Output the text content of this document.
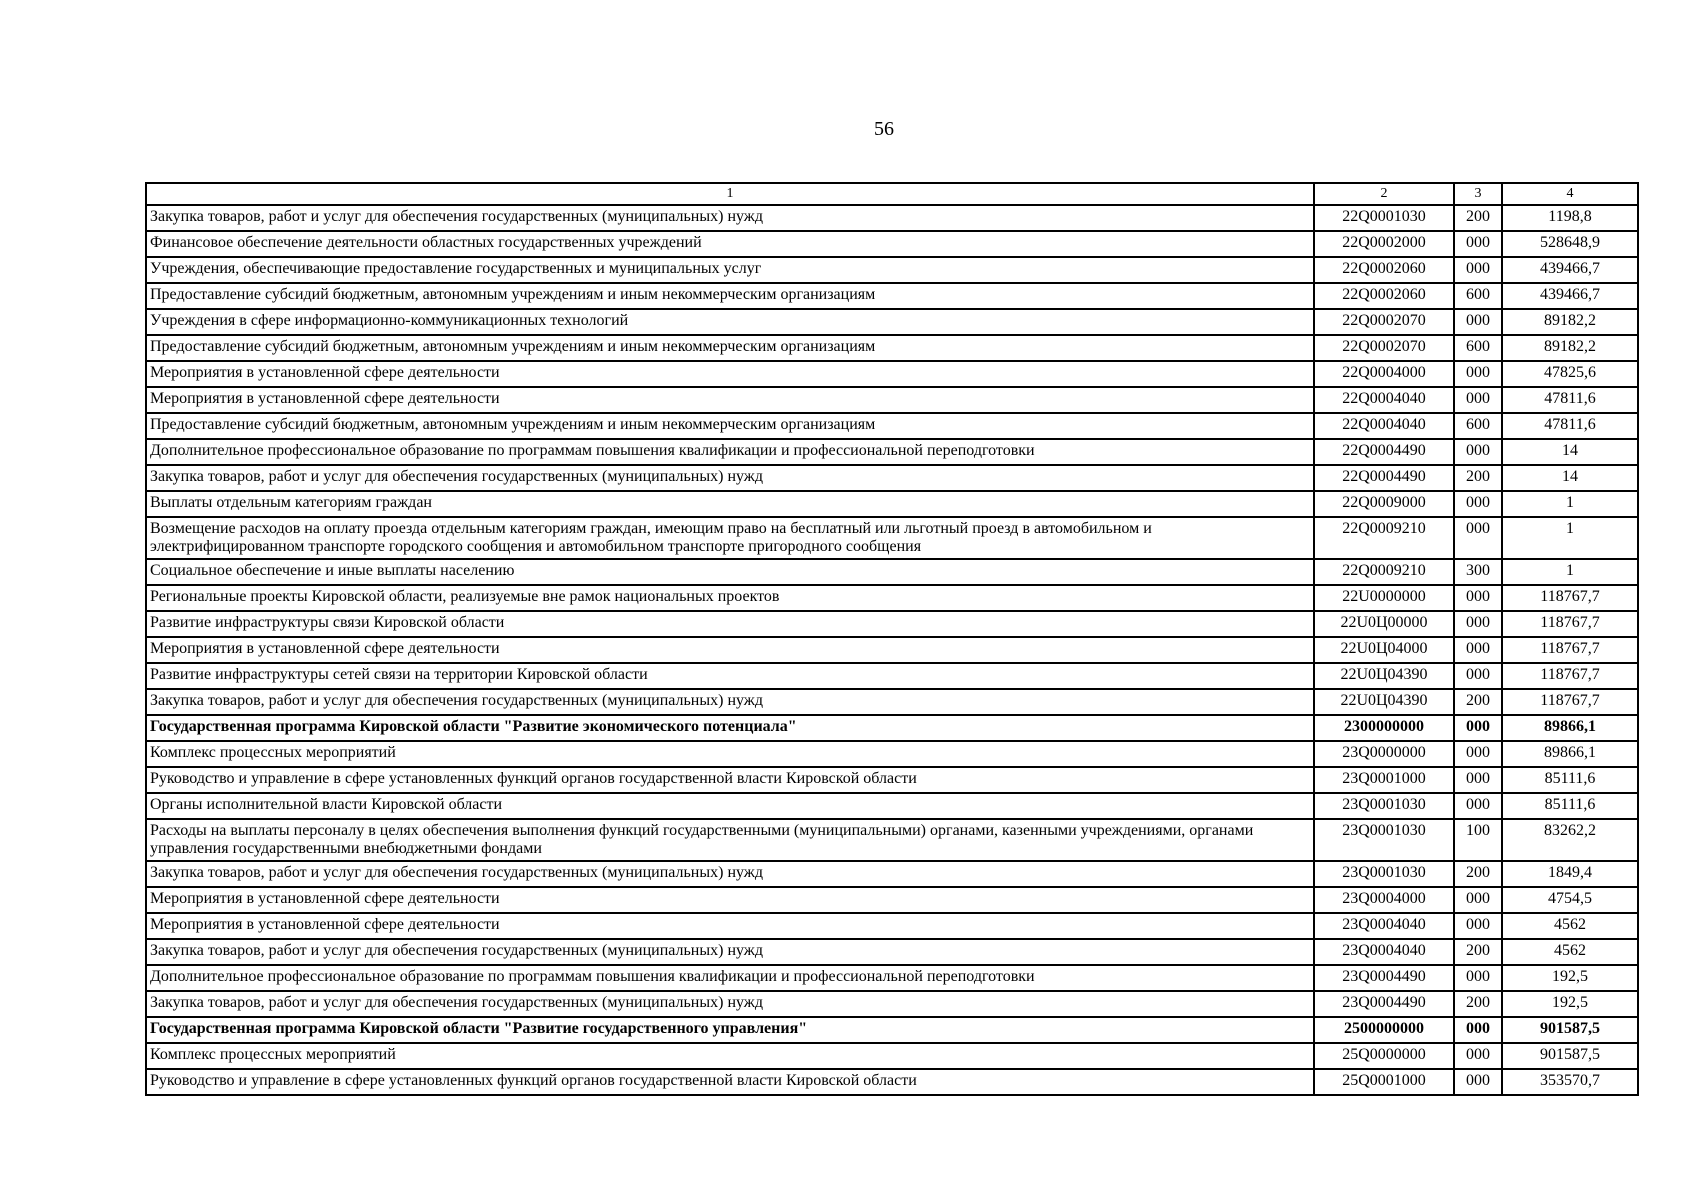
56
1	2	3	4
Закупка товаров, работ и услуг для обеспечения государственных (муниципальных) нужд	22Q0001030	200	1198,8
Финансовое обеспечение деятельности областных государственных учреждений	22Q0002000	000	528648,9
Учреждения, обеспечивающие предоставление государственных и муниципальных услуг	22Q0002060	000	439466,7
Предоставление субсидий бюджетным, автономным учреждениям и иным некоммерческим организациям	22Q0002060	600	439466,7
Учреждения в сфере информационно-коммуникационных технологий	22Q0002070	000	89182,2
Предоставление субсидий бюджетным, автономным учреждениям и иным некоммерческим организациям	22Q0002070	600	89182,2
Мероприятия в установленной сфере деятельности	22Q0004000	000	47825,6
Мероприятия в установленной сфере деятельности	22Q0004040	000	47811,6
Предоставление субсидий бюджетным, автономным учреждениям и иным некоммерческим организациям	22Q0004040	600	47811,6
Дополнительное профессиональное образование по программам повышения квалификации и профессиональной переподготовки	22Q0004490	000	14
Закупка товаров, работ и услуг для обеспечения государственных (муниципальных) нужд	22Q0004490	200	14
Выплаты отдельным категориям граждан	22Q0009000	000	1
Возмещение расходов на оплату проезда отдельным категориям граждан, имеющим право на бесплатный или льготный проезд в автомобильном и электрифицированном транспорте городского сообщения и автомобильном транспорте пригородного сообщения	22Q0009210	000	1
Социальное обеспечение и иные выплаты населению	22Q0009210	300	1
Региональные проекты Кировской области, реализуемые вне рамок национальных проектов	22U0000000	000	118767,7
Развитие инфраструктуры связи Кировской области	22U0Ц00000	000	118767,7
Мероприятия в установленной сфере деятельности	22U0Ц04000	000	118767,7
Развитие инфраструктуры сетей связи на территории Кировской области	22U0Ц04390	000	118767,7
Закупка товаров, работ и услуг для обеспечения государственных (муниципальных) нужд	22U0Ц04390	200	118767,7
Государственная программа Кировской области "Развитие экономического потенциала"	2300000000	000	89866,1
Комплекс процессных мероприятий	23Q0000000	000	89866,1
Руководство и управление в сфере установленных функций органов государственной власти Кировской области	23Q0001000	000	85111,6
Органы исполнительной власти Кировской области	23Q0001030	000	85111,6
Расходы на выплаты персоналу в целях обеспечения выполнения функций государственными (муниципальными) органами, казенными учреждениями, органами управления государственными внебюджетными фондами	23Q0001030	100	83262,2
Закупка товаров, работ и услуг для обеспечения государственных (муниципальных) нужд	23Q0001030	200	1849,4
Мероприятия в установленной сфере деятельности	23Q0004000	000	4754,5
Мероприятия в установленной сфере деятельности	23Q0004040	000	4562
Закупка товаров, работ и услуг для обеспечения государственных (муниципальных) нужд	23Q0004040	200	4562
Дополнительное профессиональное образование по программам повышения квалификации и профессиональной переподготовки	23Q0004490	000	192,5
Закупка товаров, работ и услуг для обеспечения государственных (муниципальных) нужд	23Q0004490	200	192,5
Государственная программа Кировской области "Развитие государственного управления"	2500000000	000	901587,5
Комплекс процессных мероприятий	25Q0000000	000	901587,5
Руководство и управление в сфере установленных функций органов государственной власти Кировской области	25Q0001000	000	353570,7
